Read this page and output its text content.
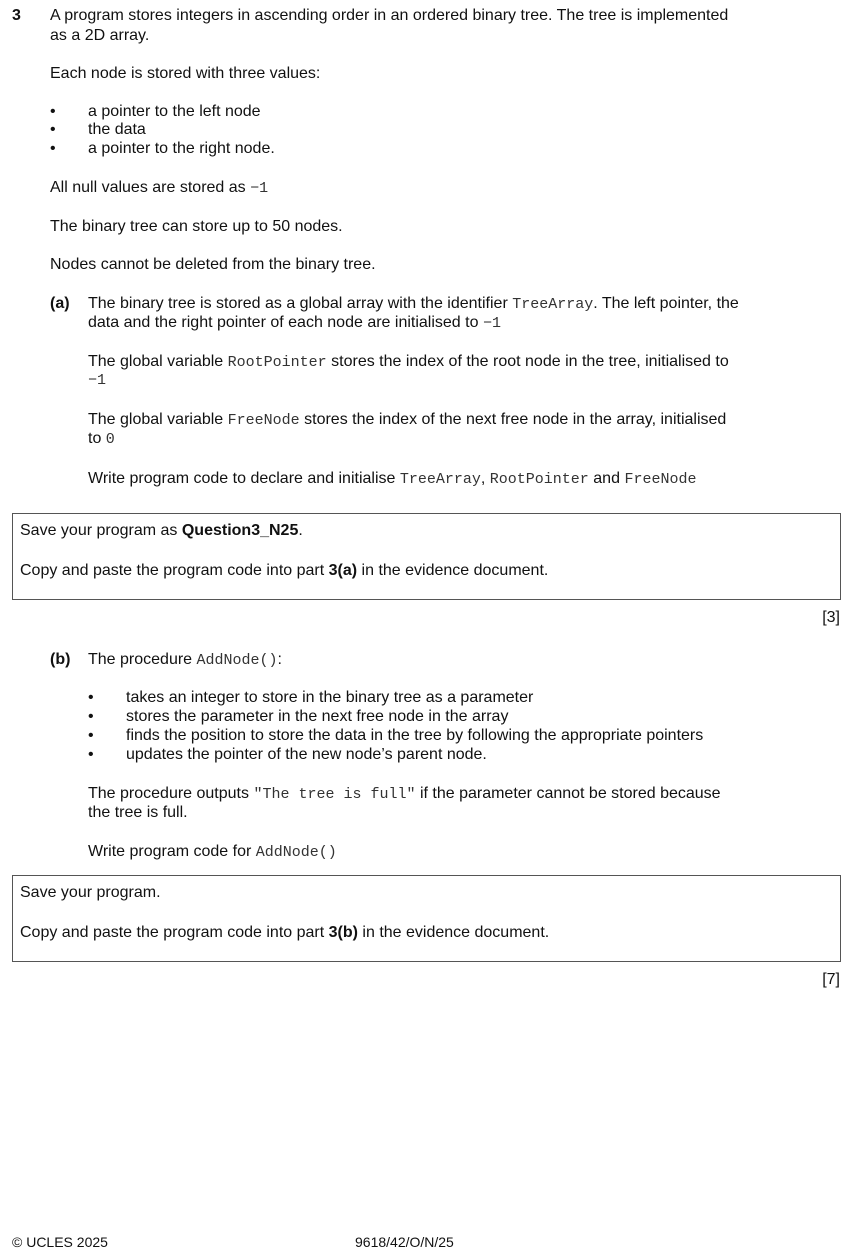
3 A program stores integers in ascending order in an ordered binary tree. The tree is implemented
as a 2D array.
Each node is stored with three values:
• a pointer to the left node
• the data
• a pointer to the right node.
All null values are stored as −1
The binary tree can store up to 50 nodes.
Nodes cannot be deleted from the binary tree.
(a) The binary tree is stored as a global array with the identifier TreeArray. The left pointer, the
data and the right pointer of each node are initialised to −1
The global variable RootPointer stores the index of the root node in the tree, initialised to
−1
The global variable FreeNode stores the index of the next free node in the array, initialised
to 0
Write program code to declare and initialise TreeArray, RootPointer and FreeNode
Save your program as Question3_N25.
Copy and paste the program code into part 3(a) in the evidence document.
[3]
(b) The procedure AddNode():
• takes an integer to store in the binary tree as a parameter
• stores the parameter in the next free node in the array
• finds the position to store the data in the tree by following the appropriate pointers
• updates the pointer of the new node’s parent node.
The procedure outputs "The tree is full" if the parameter cannot be stored because
the tree is full.
Write program code for AddNode()
Save your program.
Copy and paste the program code into part 3(b) in the evidence document.
[7]
© UCLES 2025	9618/42/O/N/25
